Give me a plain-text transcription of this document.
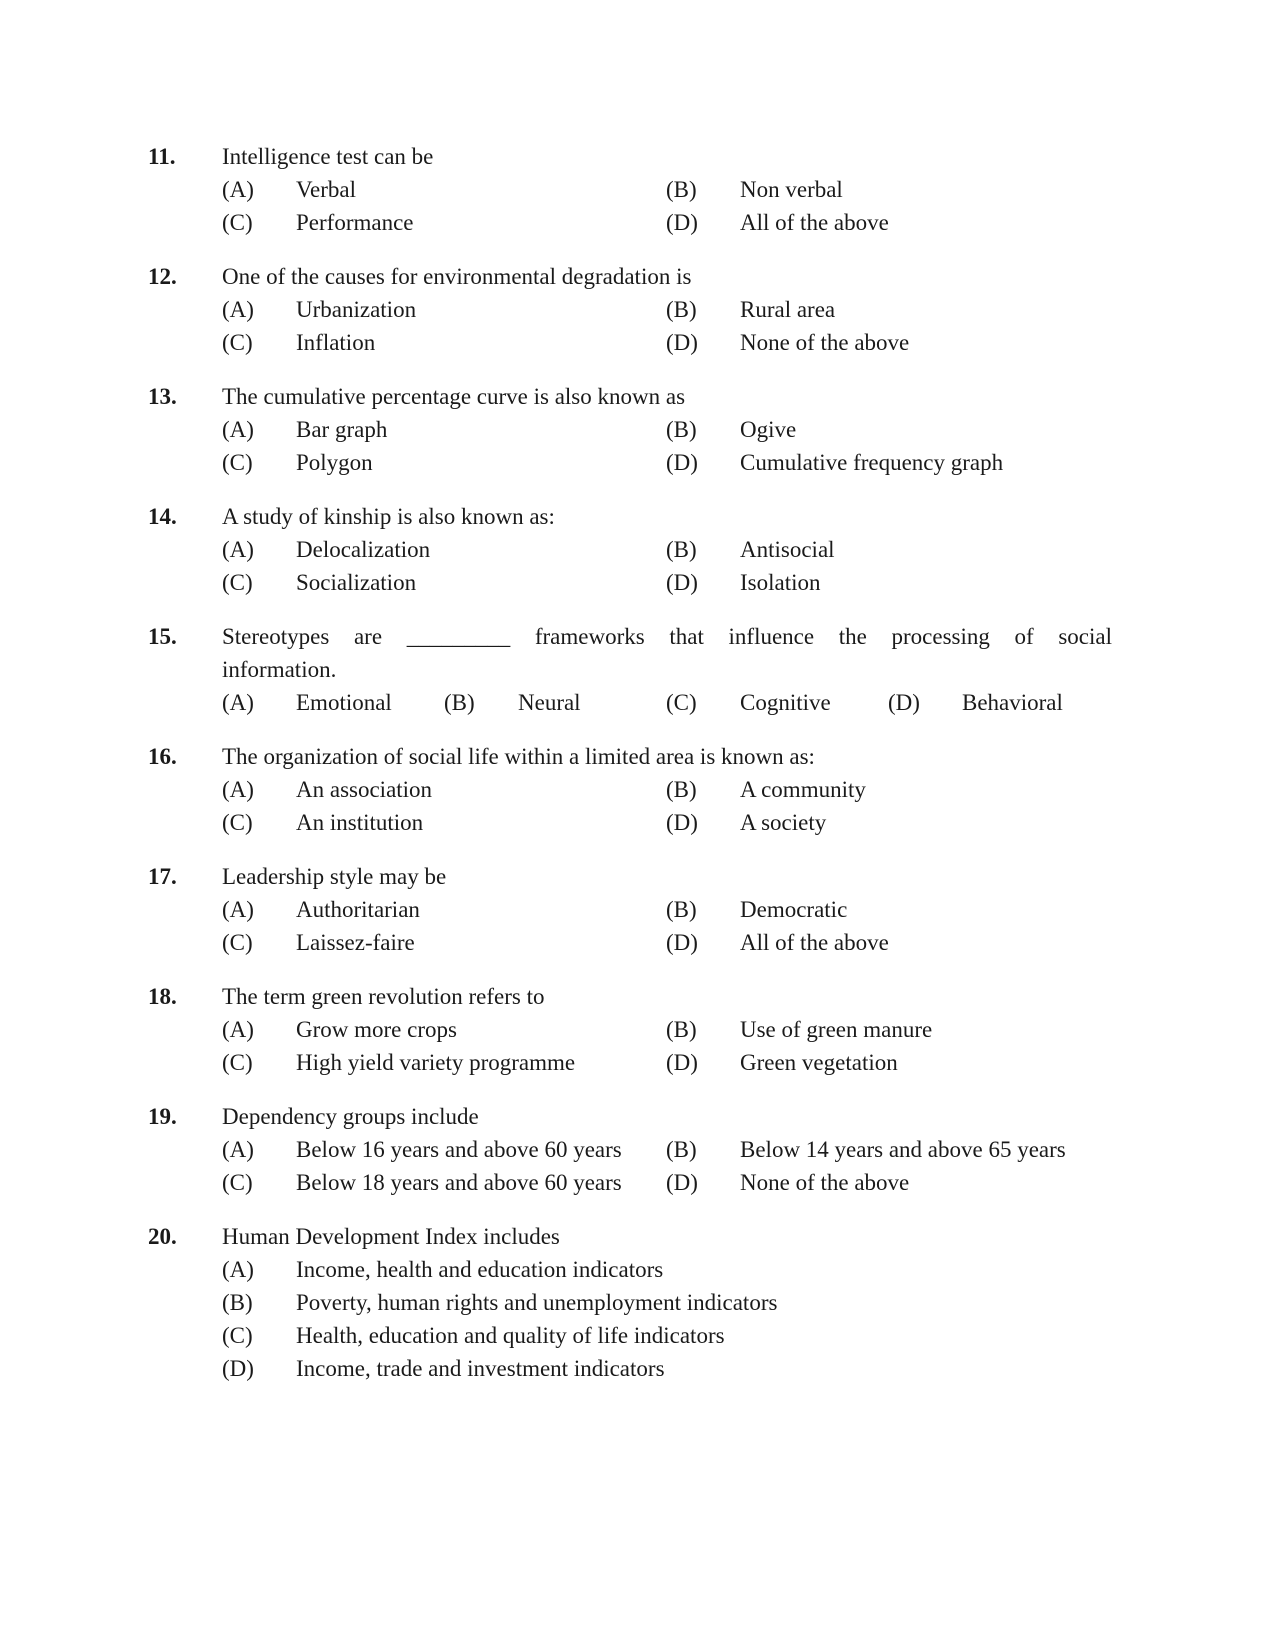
11. Intelligence test can be
(A) Verbal	(B) Non verbal
(C) Performance	(D) All of the above
12. One of the causes for environmental degradation is
(A) Urbanization	(B) Rural area
(C) Inflation	(D) None of the above
13. The cumulative percentage curve is also known as
(A) Bar graph	(B) Ogive
(C) Polygon	(D) Cumulative frequency graph
14. A study of kinship is also known as:
(A) Delocalization	(B) Antisocial
(C) Socialization	(D) Isolation
15. Stereotypes are _________ frameworks that influence the processing of social
information.
(A) Emotional (B) Neural	(C) Cognitive (D) Behavioral
16. The organization of social life within a limited area is known as:
(A) An association	(B) A community
(C) An institution	(D) A society
17. Leadership style may be
(A) Authoritarian	(B) Democratic
(C) Laissez-faire	(D) All of the above
18. The term green revolution refers to
(A) Grow more crops	(B) Use of green manure
(C) High yield variety programme	(D) Green vegetation
19. Dependency groups include
(A) Below 16 years and above 60 years (B) Below 14 years and above 65 years
(C) Below 18 years and above 60 years (D) None of the above
20. Human Development Index includes
(A) Income, health and education indicators
(B) Poverty, human rights and unemployment indicators
(C) Health, education and quality of life indicators
(D) Income, trade and investment indicators
